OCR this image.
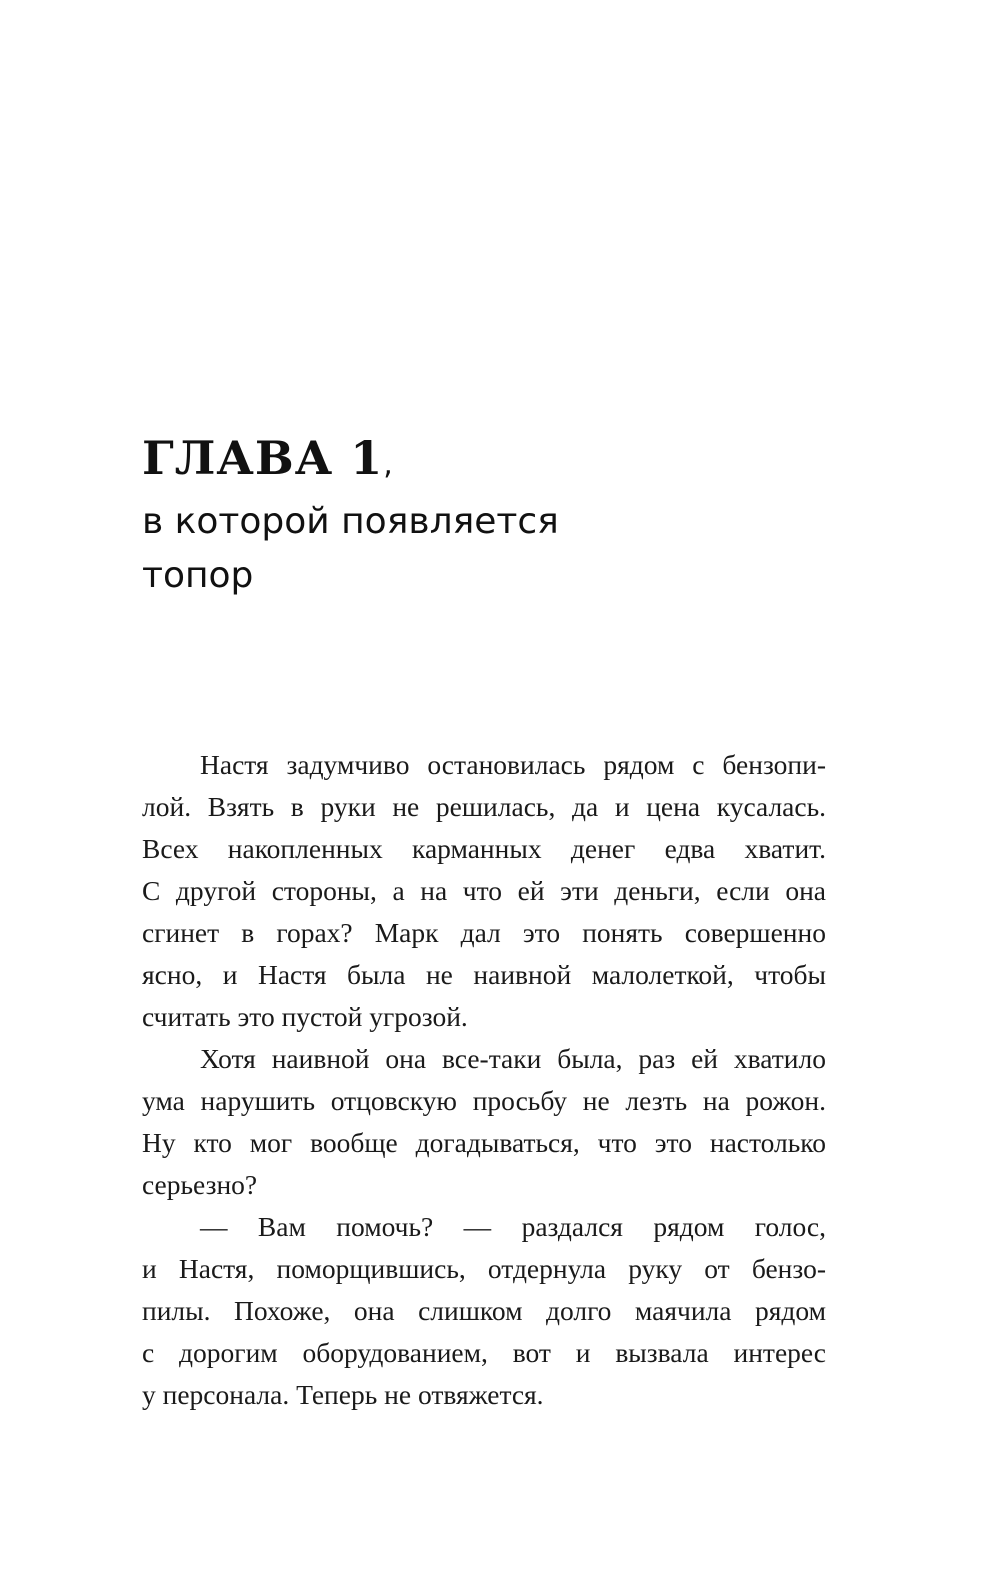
ГЛАВА 1,
в которой появляется
топор

Настя задумчиво остановилась рядом с бензопи-
лой. Взять в руки не решилась, да и цена кусалась.
Всех накопленных карманных денег едва хватит.
С другой стороны, а на что ей эти деньги, если она
сгинет в горах? Марк дал это понять совершенно
ясно, и Настя была не наивной малолеткой, чтобы
считать это пустой угрозой.

Хотя наивной она все-таки была, раз ей хватило
ума нарушить отцовскую просьбу не лезть на рожон.
Ну кто мог вообще догадываться, что это настолько
серьезно?

— Вам помочь? — раздался рядом голос,
и Настя, поморщившись, отдернула руку от бензо-
пилы. Похоже, она слишком долго маячила рядом
с дорогим оборудованием, вот и вызвала интерес
у персонала. Теперь не отвяжется.
